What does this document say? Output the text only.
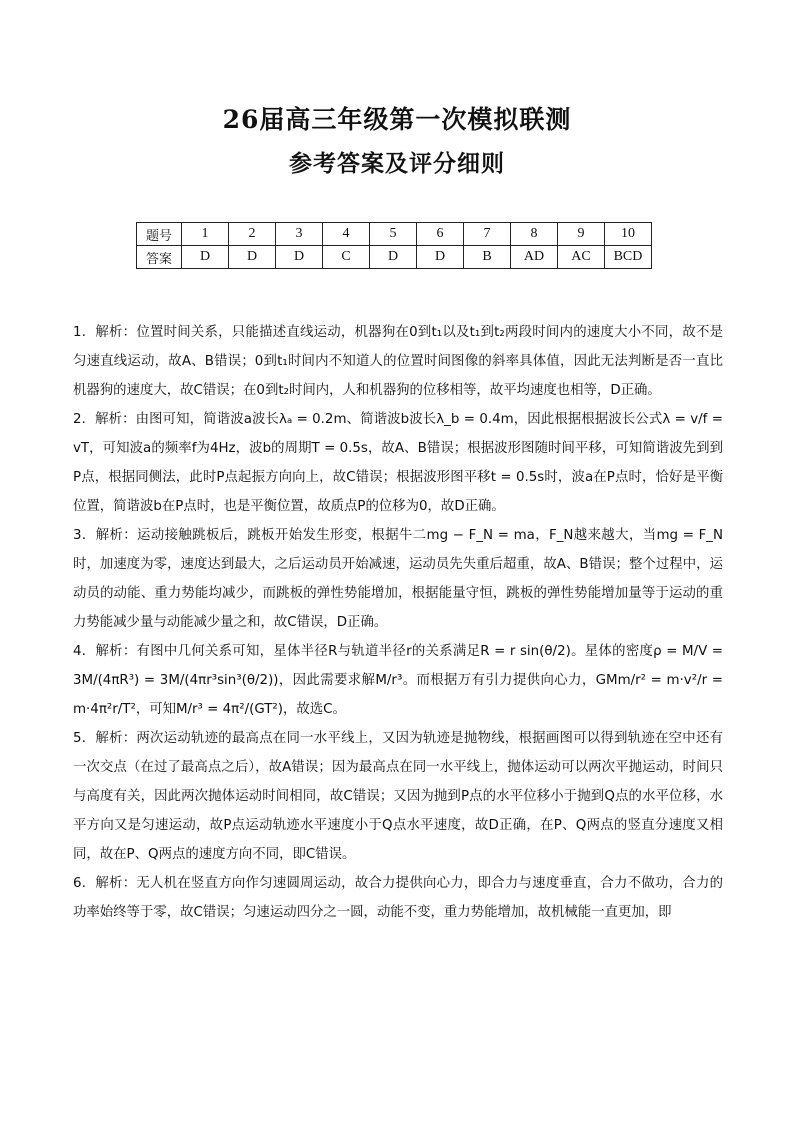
26届高三年级第一次模拟联测
参考答案及评分细则
题号	1	2	3	4	5	6	7	8	9	10
答案	D	D	D	C	D	D	B	AD	AC	BCD

1．解析：位置时间关系，只能描述直线运动，机器狗在0到t₁以及t₁到t₂两段时间内的速度大小不同，故不是匀速直线运动，故A、B错误；0到t₁时间内不知道人的位置时间图像的斜率具体值，因此无法判断是否一直比机器狗的速度大，故C错误；在0到t₂时间内，人和机器狗的位移相等，故平均速度也相等，D正确。

2．解析：由图可知，简谐波a波长λₐ = 0.2m、简谐波b波长λ_b = 0.4m，因此根据根据波长公式λ = v/f = vT，可知波a的频率f为4Hz，波b的周期T = 0.5s，故A、B错误；根据波形图随时间平移，可知简谐波先到到P点，根据同侧法，此时P点起振方向向上，故C错误；根据波形图平移t = 0.5s时，波a在P点时，恰好是平衡位置，简谐波b在P点时，也是平衡位置，故质点P的位移为0，故D正确。

3．解析：运动接触跳板后，跳板开始发生形变，根据牛二mg − F_N = ma，F_N越来越大，当mg = F_N时，加速度为零，速度达到最大，之后运动员开始减速，运动员先失重后超重，故A、B错误；整个过程中，运动员的动能、重力势能均减少，而跳板的弹性势能增加，根据能量守恒，跳板的弹性势能增加量等于运动的重力势能减少量与动能减少量之和，故C错误，D正确。

4．解析：有图中几何关系可知，星体半径R与轨道半径r的关系满足R = r sin(θ/2)。星体的密度ρ = M/V = 3M/(4πR³) = 3M/(4πr³sin³(θ/2))，因此需要求解M/r³。而根据万有引力提供向心力，GMm/r² = m·v²/r = m·4π²r/T²，可知M/r³ = 4π²/(GT²)，故选C。

5．解析：两次运动轨迹的最高点在同一水平线上，又因为轨迹是抛物线，根据画图可以得到轨迹在空中还有一次交点（在过了最高点之后），故A错误；因为最高点在同一水平线上，抛体运动可以两次平抛运动，时间只与高度有关，因此两次抛体运动时间相同，故C错误；又因为抛到P点的水平位移小于抛到Q点的水平位移，水平方向又是匀速运动，故P点运动轨迹水平速度小于Q点水平速度，故D正确，在P、Q两点的竖直分速度又相同，故在P、Q两点的速度方向不同，即C错误。

6．解析：无人机在竖直方向作匀速圆周运动，故合力提供向心力，即合力与速度垂直，合力不做功，合力的功率始终等于零，故C错误；匀速运动四分之一圆，动能不变，重力势能增加，故机械能一直更加，即
